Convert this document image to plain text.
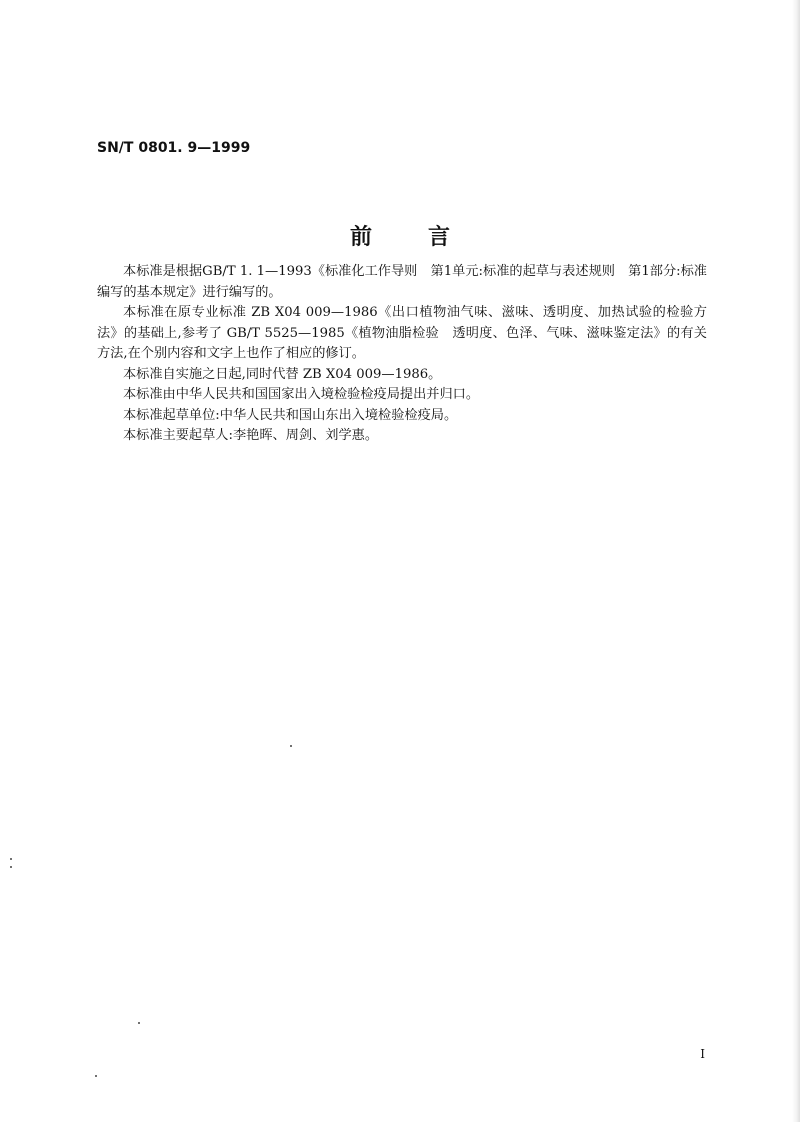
SN/T 0801. 9—1999
前言

本标准是根据GB/T 1. 1—1993《标准化工作导则　第1单元:标准的起草与表述规则　第1部分:标准编写的基本规定》进行编写的。

本标准在原专业标准 ZB X04 009—1986《出口植物油气味、滋味、透明度、加热试验的检验方法》的基础上,参考了 GB/T 5525—1985《植物油脂检验　透明度、色泽、气味、滋味鉴定法》的有关方法,在个别内容和文字上也作了相应的修订。

本标准自实施之日起,同时代替 ZB X04 009—1986。

本标准由中华人民共和国国家出入境检验检疫局提出并归口。

本标准起草单位:中华人民共和国山东出入境检验检疫局。

本标准主要起草人:李艳晖、周剑、刘学惠。

I
